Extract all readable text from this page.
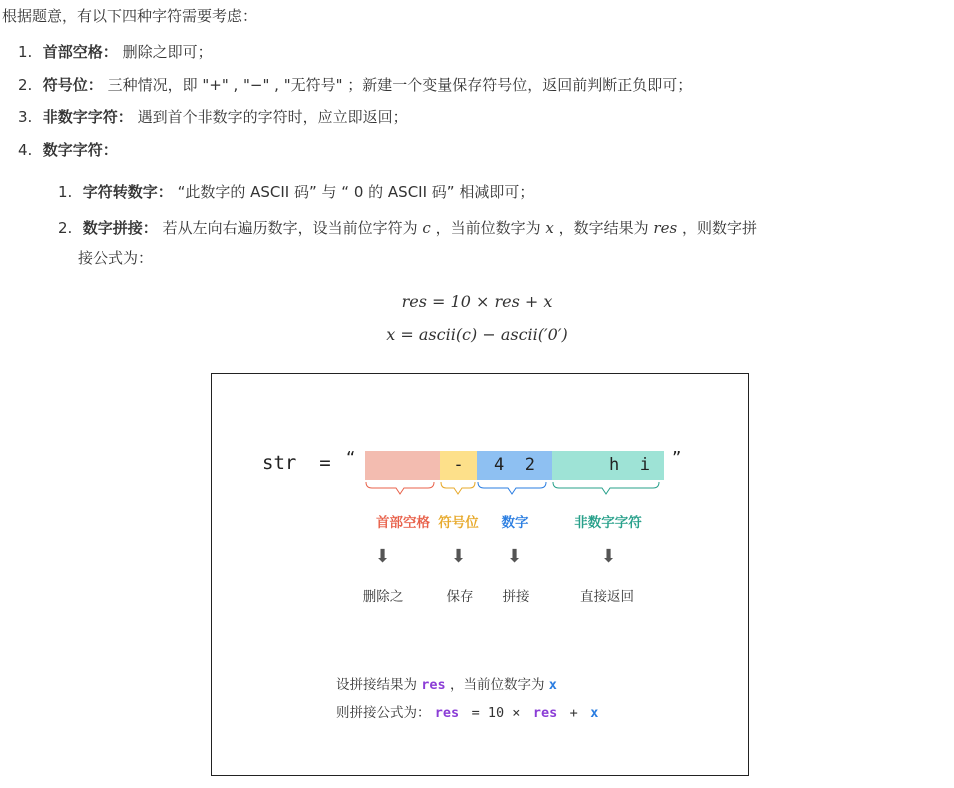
根据题意，有以下四种字符需要考虑：
1. 首部空格： 删除之即可；
2. 符号位： 三种情况，即 "+" , "−" , "无符号" ；新建一个变量保存符号位，返回前判断正负即可；
3. 非数字字符： 遇到首个非数字的字符时，应立即返回；
4. 数字字符：
1. 字符转数字： “此数字的 ASCII 码” 与 “ 0 的 ASCII 码” 相减即可；
2. 数字拼接： 若从左向右遍历数字，设当前位字符为 c ，当前位数字为 x ，数字结果为 res ，则数字拼
接公式为：
res = 10 × res + x
x = ascii(c) − ascii(′0′)
str  = “	-	4  2	h  i	”
首部空格 符号位	数字	非数字字符
⬇	⬇ ⬇	⬇
删除之	保存	拼接	直接返回
设拼接结果为 res ，当前位数字为 x
则拼接公式为： res  = 10 ×  res  +  x
